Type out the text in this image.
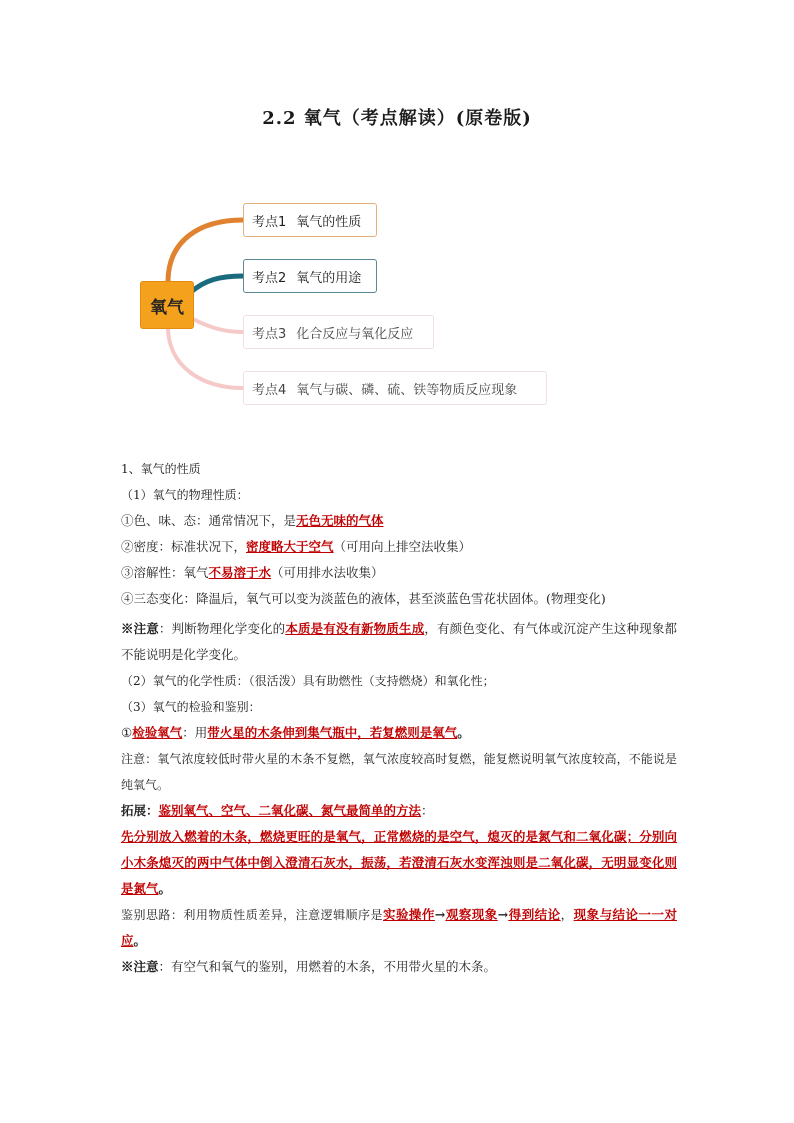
2.2 氧气（考点解读）(原卷版)
氧气
考点1 氧气的性质
考点2 氧气的用途
考点3 化合反应与氧化反应
考点4 氧气与碳、磷、硫、铁等物质反应现象
1、氧气的性质
（1）氧气的物理性质：
①色、味、态：通常情况下，是无色无味的气体
②密度：标准状况下，密度略大于空气（可用向上排空法收集）
③溶解性：氧气不易溶于水（可用排水法收集）
④三态变化：降温后，氧气可以变为淡蓝色的液体，甚至淡蓝色雪花状固体。(物理变化)
※注意：判断物理化学变化的本质是有没有新物质生成，有颜色变化、有气体或沉淀产生这种现象都不能说明是化学变化。
（2）氧气的化学性质：（很活泼）具有助燃性（支持燃烧）和氧化性；
（3）氧气的检验和鉴别：
①检验氧气：用带火星的木条伸到集气瓶中，若复燃则是氧气。
注意：氧气浓度较低时带火星的木条不复燃，氧气浓度较高时复燃，能复燃说明氧气浓度较高，不能说是纯氧气。
拓展：鉴别氧气、空气、二氧化碳、氮气最简单的方法：
先分别放入燃着的木条，燃烧更旺的是氧气，正常燃烧的是空气，熄灭的是氮气和二氧化碳；分别向小木条熄灭的两中气体中倒入澄清石灰水，振荡，若澄清石灰水变浑浊则是二氧化碳，无明显变化则是氮气。
鉴别思路：利用物质性质差异，注意逻辑顺序是实验操作→观察现象→得到结论，现象与结论一一对应。
※注意：有空气和氧气的鉴别，用燃着的木条，不用带火星的木条。
